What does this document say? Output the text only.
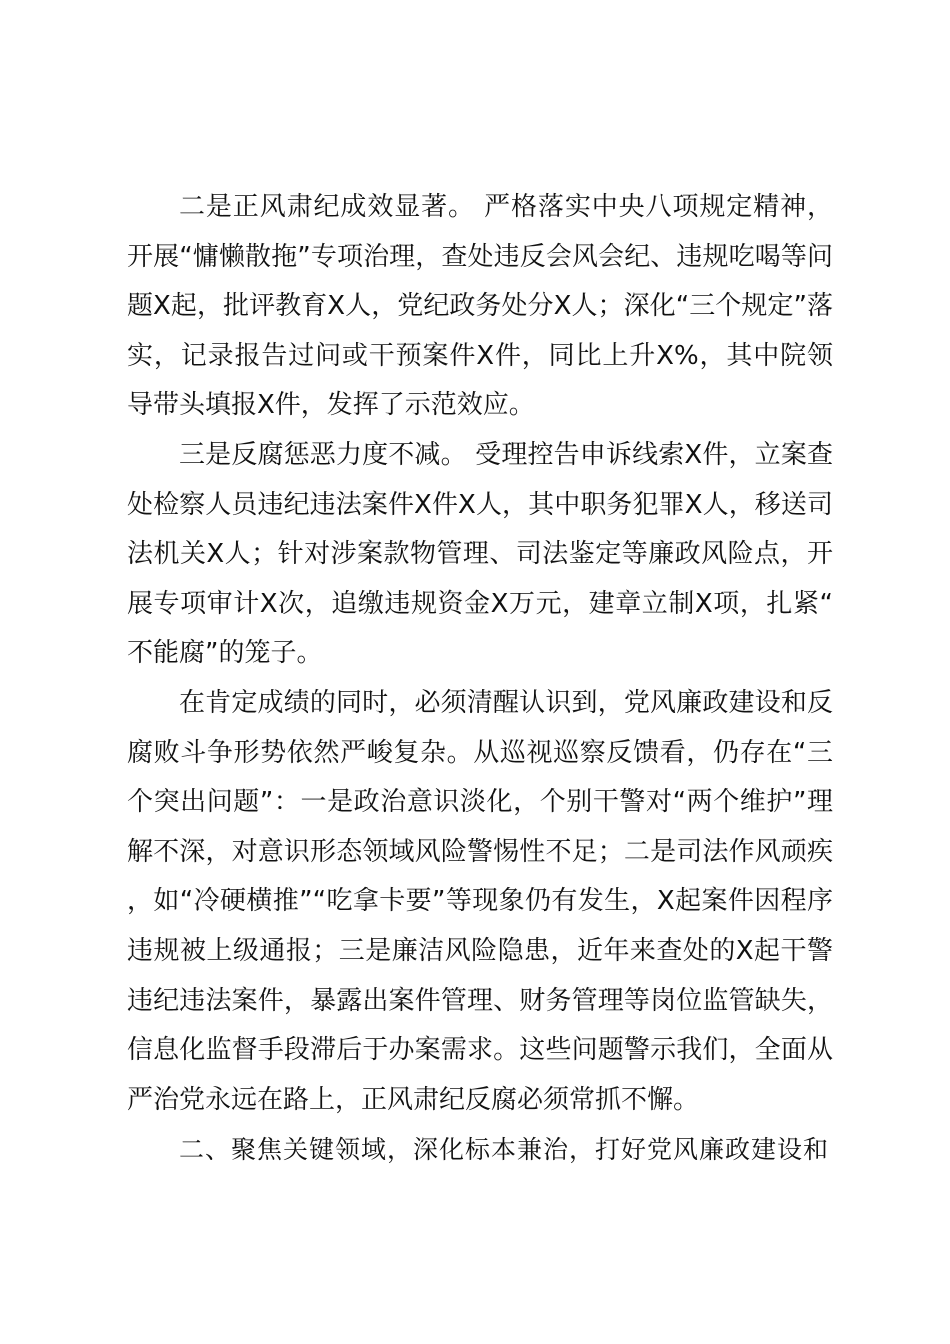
二是正风肃纪成效显著。 严格落实中央八项规定精神，开展“慵懒散拖”专项治理，查处违反会风会纪、违规吃喝等问题X起，批评教育X人，党纪政务处分X人；深化“三个规定”落实，记录报告过问或干预案件X件，同比上升X%，其中院领导带头填报X件，发挥了示范效应。

三是反腐惩恶力度不减。 受理控告申诉线索X件，立案查处检察人员违纪违法案件X件X人，其中职务犯罪X人，移送司法机关X人；针对涉案款物管理、司法鉴定等廉政风险点，开展专项审计X次，追缴违规资金X万元，建章立制X项，扎紧“不能腐”的笼子。

在肯定成绩的同时，必须清醒认识到，党风廉政建设和反腐败斗争形势依然严峻复杂。从巡视巡察反馈看，仍存在“三个突出问题”：一是政治意识淡化，个别干警对“两个维护”理解不深，对意识形态领域风险警惕性不足；二是司法作风顽疾，如“冷硬横推”“吃拿卡要”等现象仍有发生，X起案件因程序违规被上级通报；三是廉洁风险隐患，近年来查处的X起干警违纪违法案件，暴露出案件管理、财务管理等岗位监管缺失，信息化监督手段滞后于办案需求。这些问题警示我们，全面从严治党永远在路上，正风肃纪反腐必须常抓不懈。

二、聚焦关键领域，深化标本兼治，打好党风廉政建设和
